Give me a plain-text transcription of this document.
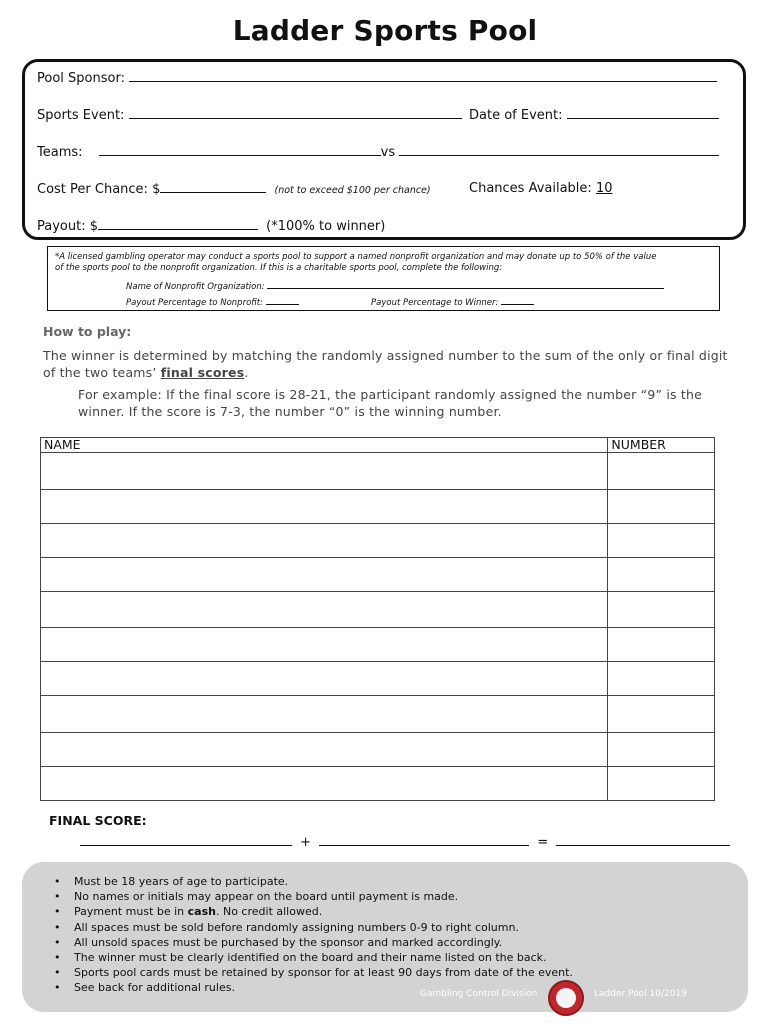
Ladder Sports Pool
Pool Sponsor:
Sports Event:	Date of Event:
Teams:	vs
Cost Per Chance: $	(not to exceed $100 per chance)	Chances Available: 10
Payout: $	(*100% to winner)
*A licensed gambling operator may conduct a sports pool to support a named nonprofit organization and may donate up to 50% of the value
of the sports pool to the nonprofit organization. If this is a charitable sports pool, complete the following:
Name of Nonprofit Organization:
Payout Percentage to Nonprofit:	Payout Percentage to Winner:
How to play:
The winner is determined by matching the randomly assigned number to the sum of the only or final digit of the two teams’ final scores.
For example: If the final score is 28-21, the participant randomly assigned the number “9” is the winner. If the score is 7-3, the number “0” is the winning number.
NAME	NUMBER

FINAL SCORE:
+	=
• Must be 18 years of age to participate.
• No names or initials may appear on the board until payment is made.
• Payment must be in cash. No credit allowed.
• All spaces must be sold before randomly assigning numbers 0-9 to right column.
• All unsold spaces must be purchased by the sponsor and marked accordingly.
• The winner must be clearly identified on the board and their name listed on the back.
• Sports pool cards must be retained by sponsor for at least 90 days from date of the event.
• See back for additional rules.	Gambling Control Division	Ladder Pool 10/2019
